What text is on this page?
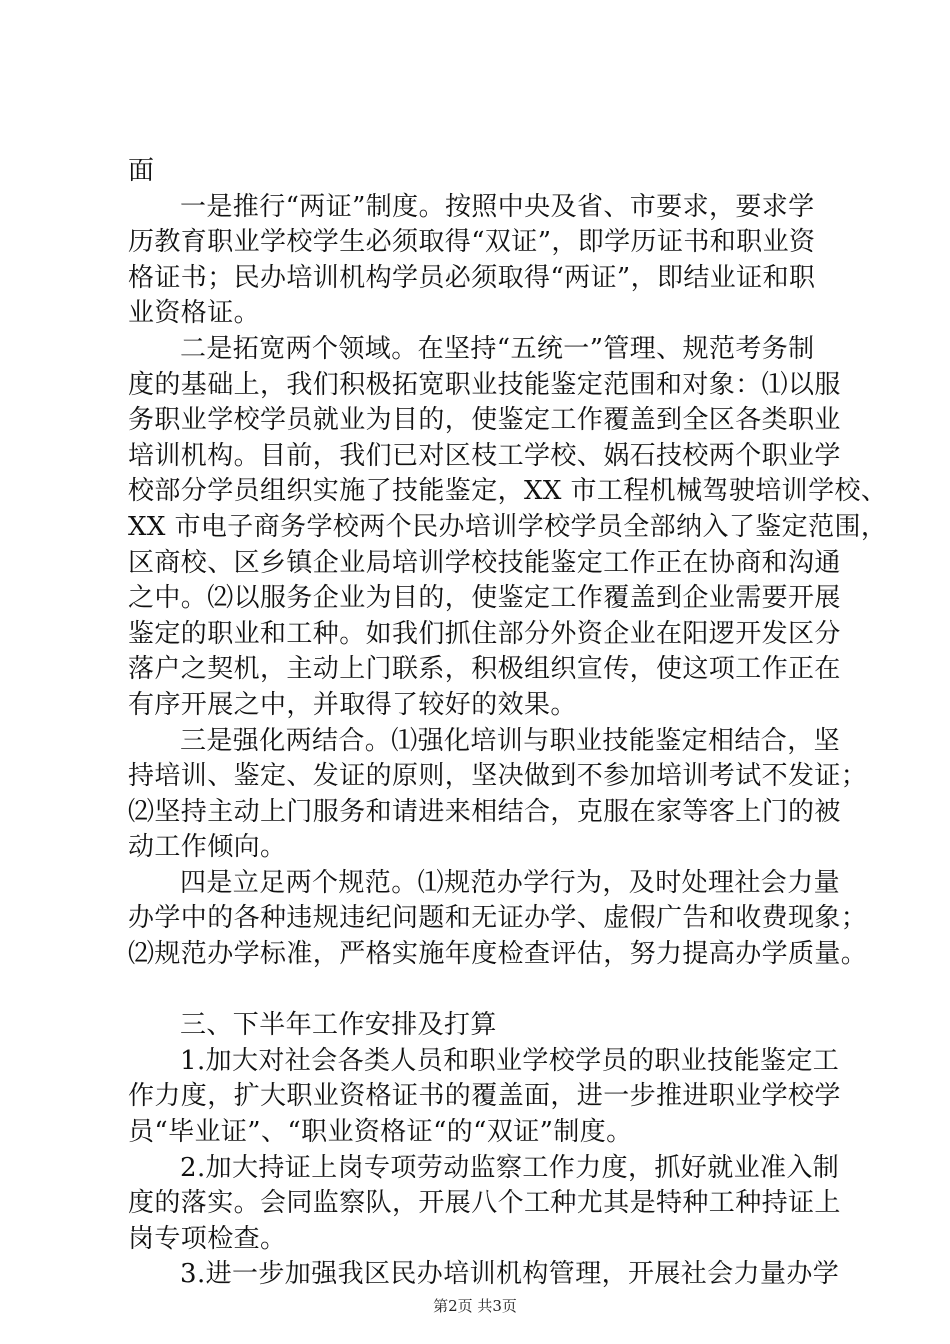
面
一是推行“两证”制度。按照中央及省、市要求，要求学
历教育职业学校学生必须取得“双证”，即学历证书和职业资
格证书；民办培训机构学员必须取得“两证”，即结业证和职
业资格证。
二是拓宽两个领域。在坚持“五统一”管理、规范考务制
度的基础上，我们积极拓宽职业技能鉴定范围和对象：⑴以服
务职业学校学员就业为目的，使鉴定工作覆盖到全区各类职业
培训机构。目前，我们已对区枝工学校、娲石技校两个职业学
校部分学员组织实施了技能鉴定，XX 市工程机械驾驶培训学校、
XX 市电子商务学校两个民办培训学校学员全部纳入了鉴定范围，
区商校、区乡镇企业局培训学校技能鉴定工作正在协商和沟通
之中。⑵以服务企业为目的，使鉴定工作覆盖到企业需要开展
鉴定的职业和工种。如我们抓住部分外资企业在阳逻开发区分
落户之契机，主动上门联系，积极组织宣传，使这项工作正在
有序开展之中，并取得了较好的效果。
三是强化两结合。⑴强化培训与职业技能鉴定相结合，坚
持培训、鉴定、发证的原则，坚决做到不参加培训考试不发证；
⑵坚持主动上门服务和请进来相结合，克服在家等客上门的被
动工作倾向。
四是立足两个规范。⑴规范办学行为，及时处理社会力量
办学中的各种违规违纪问题和无证办学、虚假广告和收费现象；
⑵规范办学标准，严格实施年度检查评估，努力提高办学质量。
三、下半年工作安排及打算
1.加大对社会各类人员和职业学校学员的职业技能鉴定工
作力度，扩大职业资格证书的覆盖面，进一步推进职业学校学
员“毕业证”、“职业资格证“的“双证”制度。
2.加大持证上岗专项劳动监察工作力度，抓好就业准入制
度的落实。会同监察队，开展八个工种尤其是特种工种持证上
岗专项检查。
3.进一步加强我区民办培训机构管理，开展社会力量办学
第2页 共3页
